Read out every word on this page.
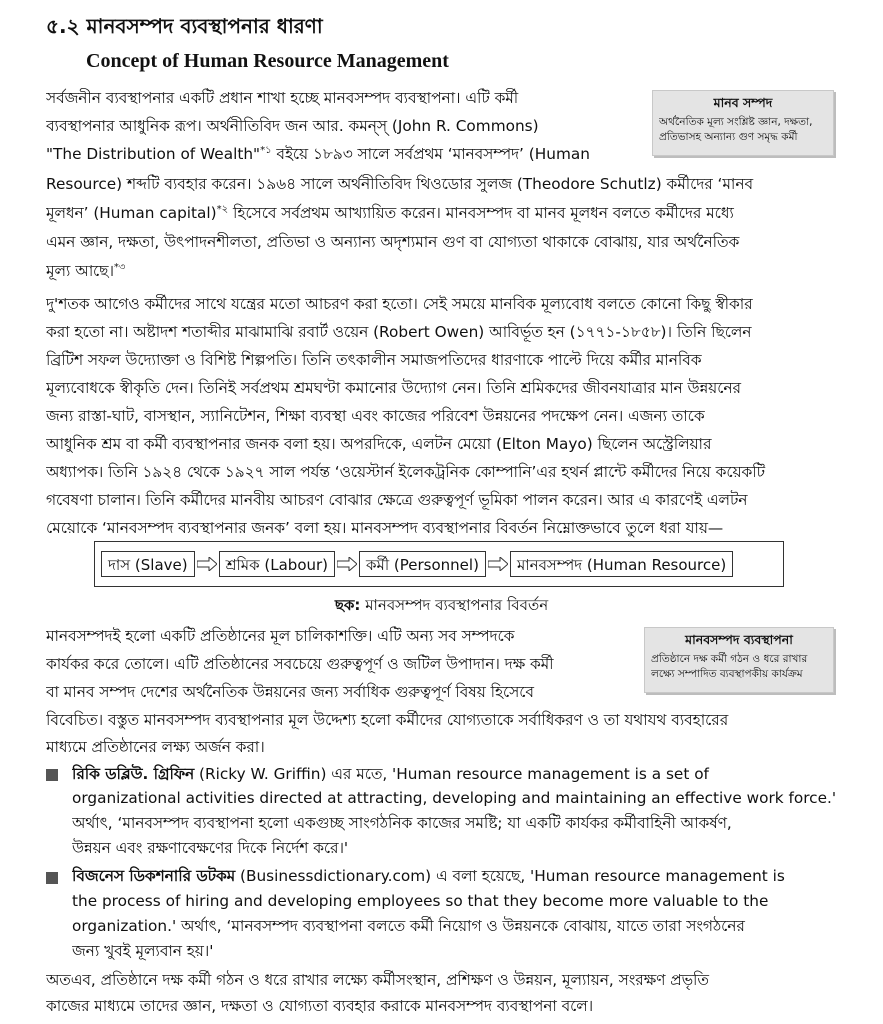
৫.২ মানবসম্পদ ব্যবস্থাপনার ধারণা
Concept of Human Resource Management
মানব সম্পদ
অর্থনৈতিক মূল্য সংশ্লিষ্ট জ্ঞান, দক্ষতা,
প্রতিভাসহ অন্যান্য গুণ সমৃদ্ধ কর্মী
সর্বজনীন ব্যবস্থাপনার একটি প্রধান শাখা হচ্ছে মানবসম্পদ ব্যবস্থাপনা। এটি কর্মী
ব্যবস্থাপনার আধুনিক রূপ। অর্থনীতিবিদ জন আর. কমন্স্ (John R. Commons)
"The Distribution of Wealth"$^{*১}$ বইয়ে ১৮৯৩ সালে সর্বপ্রথম ‘মানবসম্পদ’ (Human
Resource) শব্দটি ব্যবহার করেন। ১৯৬৪ সালে অর্থনীতিবিদ থিওডোর সুলজ (Theodore Schutlz) কর্মীদের ‘মানব
মূলধন’ (Human capital)$^{*২}$ হিসেবে সর্বপ্রথম আখ্যায়িত করেন। মানবসম্পদ বা মানব মূলধন বলতে কর্মীদের মধ্যে
এমন জ্ঞান, দক্ষতা, উৎপাদনশীলতা, প্রতিভা ও অন্যান্য অদৃশ্যমান গুণ বা যোগ্যতা থাকাকে বোঝায়, যার অর্থনৈতিক
মূল্য আছে।$^{*৩}$
দু'শতক আগেও কর্মীদের সাথে যন্ত্রের মতো আচরণ করা হতো। সেই সময়ে মানবিক মূল্যবোধ বলতে কোনো কিছু স্বীকার
করা হতো না। অষ্টাদশ শতাব্দীর মাঝামাঝি রবার্ট ওয়েন (Robert Owen) আবির্ভূত হন (১৭৭১-১৮৫৮)। তিনি ছিলেন
ব্রিটিশ সফল উদ্যোক্তা ও বিশিষ্ট শিল্পপতি। তিনি তৎকালীন সমাজপতিদের ধারণাকে পাল্টে দিয়ে কর্মীর মানবিক
মূল্যবোধকে স্বীকৃতি দেন। তিনিই সর্বপ্রথম শ্রমঘণ্টা কমানোর উদ্যোগ নেন। তিনি শ্রমিকদের জীবনযাত্রার মান উন্নয়নের
জন্য রাস্তা-ঘাট, বাসস্থান, স্যানিটেশন, শিক্ষা ব্যবস্থা এবং কাজের পরিবেশ উন্নয়নের পদক্ষেপ নেন। এজন্য তাকে
আধুনিক শ্রম বা কর্মী ব্যবস্থাপনার জনক বলা হয়। অপরদিকে, এলটন মেয়ো (Elton Mayo) ছিলেন অস্ট্রেলিয়ার
অধ্যাপক। তিনি ১৯২৪ থেকে ১৯২৭ সাল পর্যন্ত ‘ওয়েস্টার্ন ইলেকট্রনিক কোম্পানি’এর হথর্ন প্লান্টে কর্মীদের নিয়ে কয়েকটি
গবেষণা চালান। তিনি কর্মীদের মানবীয় আচরণ বোঝার ক্ষেত্রে গুরুত্বপূর্ণ ভূমিকা পালন করেন। আর এ কারণেই এলটন
মেয়োকে ‘মানবসম্পদ ব্যবস্থাপনার জনক’ বলা হয়। মানবসম্পদ ব্যবস্থাপনার বিবর্তন নিম্নোক্তভাবে তুলে ধরা যায়—
দাস (Slave)	শ্রমিক (Labour)	কর্মী (Personnel)	মানবসম্পদ (Human Resource)
ছক: মানবসম্পদ ব্যবস্থাপনার বিবর্তন
মানবসম্পদ ব্যবস্থাপনা
প্রতিষ্ঠানে দক্ষ কর্মী গঠন ও ধরে রাখার
লক্ষ্যে সম্পাদিত ব্যবস্থাপকীয় কার্যক্রম
মানবসম্পদই হলো একটি প্রতিষ্ঠানের মূল চালিকাশক্তি। এটি অন্য সব সম্পদকে
কার্যকর করে তোলে। এটি প্রতিষ্ঠানের সবচেয়ে গুরুত্বপূর্ণ ও জটিল উপাদান। দক্ষ কর্মী
বা মানব সম্পদ দেশের অর্থনৈতিক উন্নয়নের জন্য সর্বাধিক গুরুত্বপূর্ণ বিষয় হিসেবে
বিবেচিত। বস্তুত মানবসম্পদ ব্যবস্থাপনার মূল উদ্দেশ্য হলো কর্মীদের যোগ্যতাকে সর্বাধিকরণ ও তা যথাযথ ব্যবহারের
মাধ্যমে প্রতিষ্ঠানের লক্ষ্য অর্জন করা।
রিকি ডব্লিউ. গ্রিফিন (Ricky W. Griffin) এর মতে, 'Human resource management is a set of
organizational activities directed at attracting, developing and maintaining an effective work force.'
অর্থাৎ, ‘মানবসম্পদ ব্যবস্থাপনা হলো একগুচ্ছ সাংগঠনিক কাজের সমষ্টি; যা একটি কার্যকর কর্মীবাহিনী আকর্ষণ,
উন্নয়ন এবং রক্ষণাবেক্ষণের দিকে নির্দেশ করে।'
বিজনেস ডিকশনারি ডটকম (Businessdictionary.com) এ বলা হয়েছে, 'Human resource management is
the process of hiring and developing employees so that they become more valuable to the
organization.' অর্থাৎ, ‘মানবসম্পদ ব্যবস্থাপনা বলতে কর্মী নিয়োগ ও উন্নয়নকে বোঝায়, যাতে তারা সংগঠনের
জন্য খুবই মূল্যবান হয়।'
অতএব, প্রতিষ্ঠানে দক্ষ কর্মী গঠন ও ধরে রাখার লক্ষ্যে কর্মীসংস্থান, প্রশিক্ষণ ও উন্নয়ন, মূল্যায়ন, সংরক্ষণ প্রভৃতি
কাজের মাধ্যমে তাদের জ্ঞান, দক্ষতা ও যোগ্যতা ব্যবহার করাকে মানবসম্পদ ব্যবস্থাপনা বলে।
